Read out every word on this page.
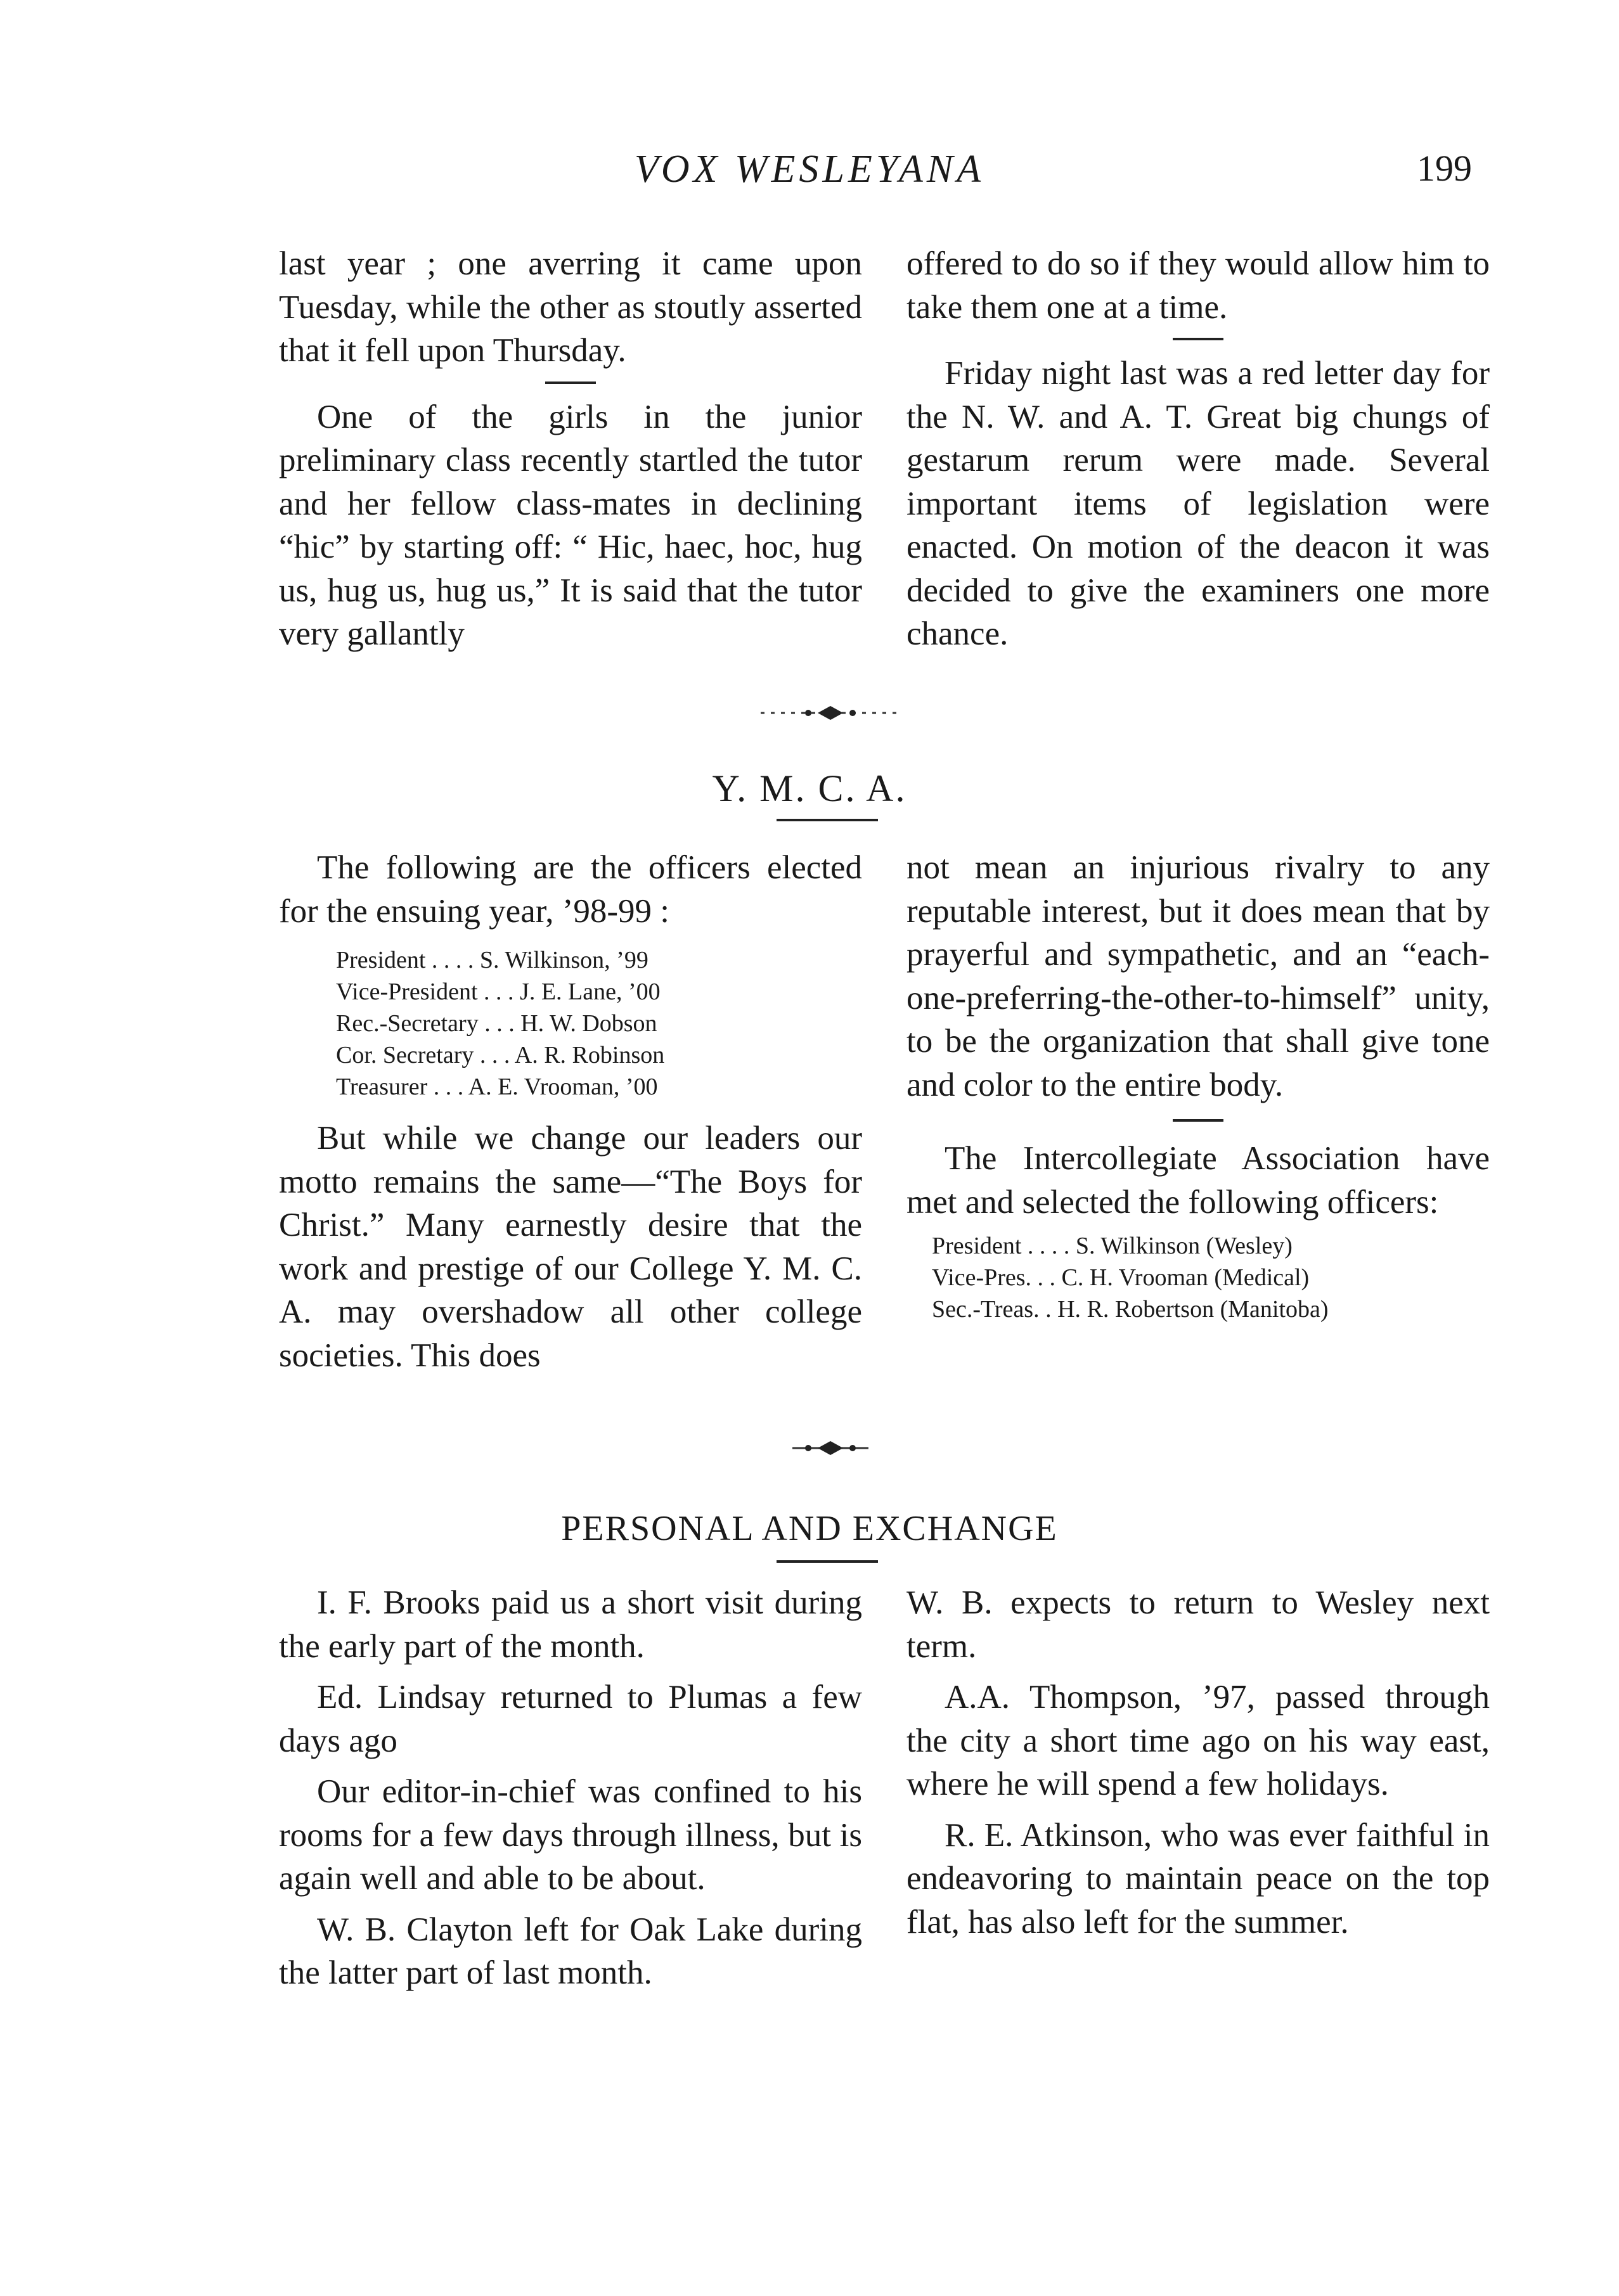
VOX WESLEYANA	199

last year ; one averring it came upon Tuesday, while the other as stoutly asserted that it fell upon Thursday.

One of the girls in the junior preliminary class recently startled the tutor and her fellow class-mates in declining “hic” by starting off: “ Hic, haec, hoc, hug us, hug us, hug us,” It is said that the tutor very gallantly

offered to do so if they would allow him to take them one at a time.

Friday night last was a red letter day for the N. W. and A. T. Great big chungs of gestarum rerum were made. Several important items of legislation were enacted. On motion of the deacon it was decided to give the examiners one more chance.

Y. M. C. A.

The following are the officers elected for the ensuing year, ’98-99 :

President . . . . S. Wilkinson, ’99
Vice-President . . . J. E. Lane, ’00
Rec.-Secretary . . . H. W. Dobson
Cor. Secretary . . . A. R. Robinson
Treasurer . . . A. E. Vrooman, ’00

But while we change our leaders our motto remains the same—“The Boys for Christ.” Many earnestly desire that the work and prestige of our College Y. M. C. A. may overshadow all other college societies. This does

not mean an injurious rivalry to any reputable interest, but it does mean that by prayerful and sympathetic, and an “each-one-preferring-the-other-to-himself” unity, to be the organization that shall give tone and color to the entire body.

The Intercollegiate Association have met and selected the following officers:

President . . . . S. Wilkinson (Wesley)
Vice-Pres. . . C. H. Vrooman (Medical)
Sec.-Treas. . H. R. Robertson (Manitoba)
PERSONAL AND EXCHANGE

I. F. Brooks paid us a short visit during the early part of the month.

Ed. Lindsay returned to Plumas a few days ago

Our editor-in-chief was confined to his rooms for a few days through illness, but is again well and able to be about.

W. B. Clayton left for Oak Lake during the latter part of last month.

W. B. expects to return to Wesley next term.

A.A. Thompson, ’97, passed through the city a short time ago on his way east, where he will spend a few holidays.

R. E. Atkinson, who was ever faithful in endeavoring to maintain peace on the top flat, has also left for the summer.
